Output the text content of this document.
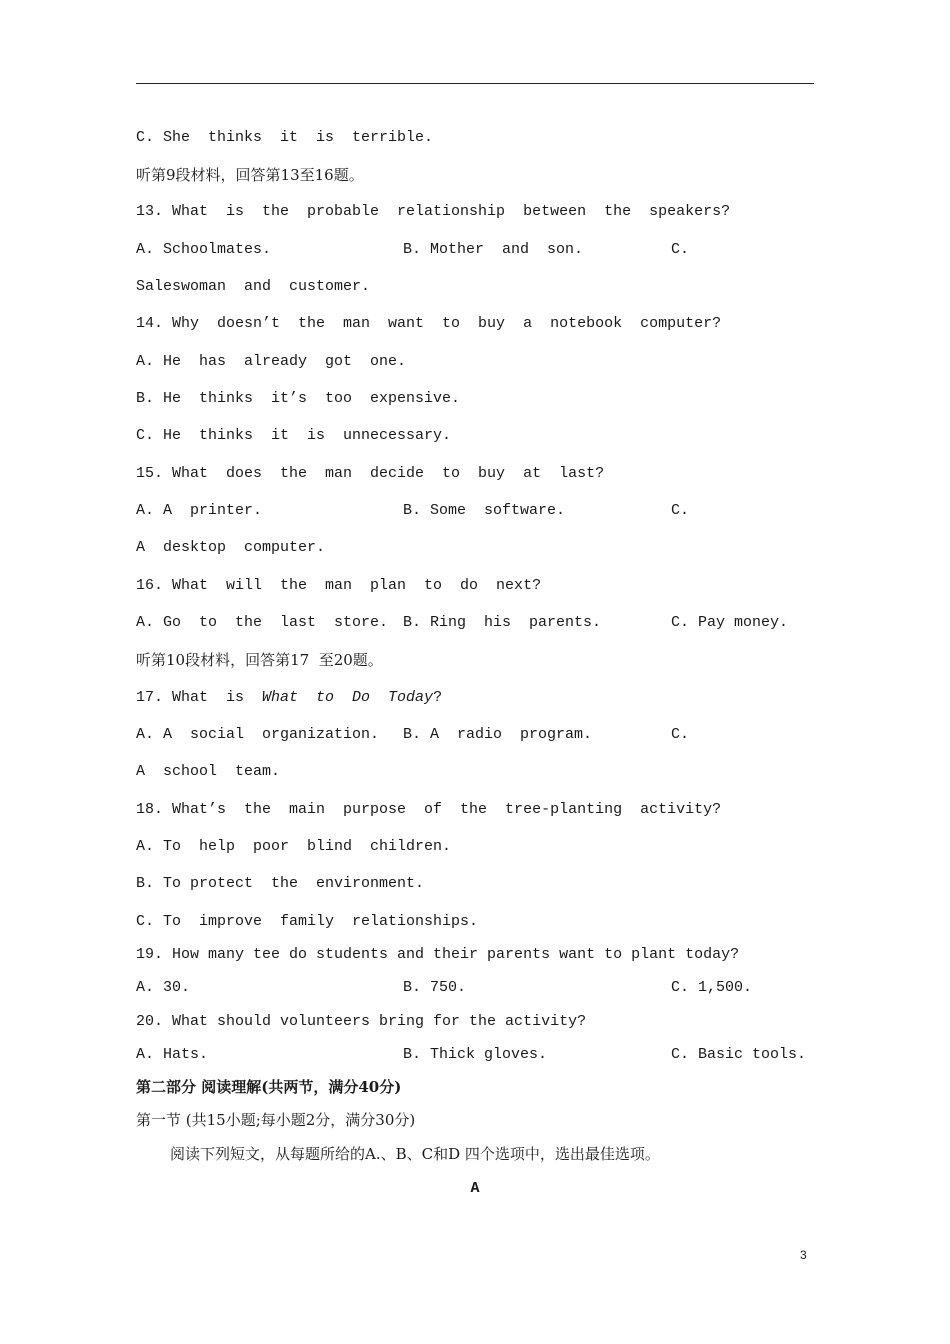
C. She  thinks  it  is  terrible.
听第9段材料，回答第13至16题。
13. What  is  the  probable  relationship  between  the  speakers?

A. Schoolmates.

	B. Mother  and  son.

	C.

Saleswoman  and  customer.
14. Why  doesn’t  the  man  want  to  buy  a  notebook  computer?
A. He  has  already  got  one.
B. He  thinks  it’s  too  expensive.
C. He  thinks  it  is  unnecessary.
15. What  does  the  man  decide  to  buy  at  last?

A. A  printer.

	B. Some  software.

	C.

A  desktop  computer.
16. What  will  the  man  plan  to  do  next?

A. Go  to  the  last  store.

B. Ring  his  parents.

	C. Pay money.

听第10段材料，回答第17  至20题。
17. What  is  What  to  Do  Today?

A. A  social  organization.

B. A  radio  program.

	C.

A  school  team.
18. What’s  the  main  purpose  of  the  tree-planting  activity?
A. To  help  poor  blind  children.
B. To protect  the  environment.
C. To  improve  family  relationships.
19. How many tee do students and their parents want to plant today?

A. 30.

	B. 750.

	C. 1,500.

20. What should volunteers bring for the activity?

A. Hats.

	B. Thick gloves.

	C. Basic tools.

第二部分 阅读理解(共两节，满分40分)
第一节 (共15小题;每小题2分，满分30分)
阅读下列短文，从每题所给的A.、B、C和D 四个选项中，选出最佳选项。
A
3
